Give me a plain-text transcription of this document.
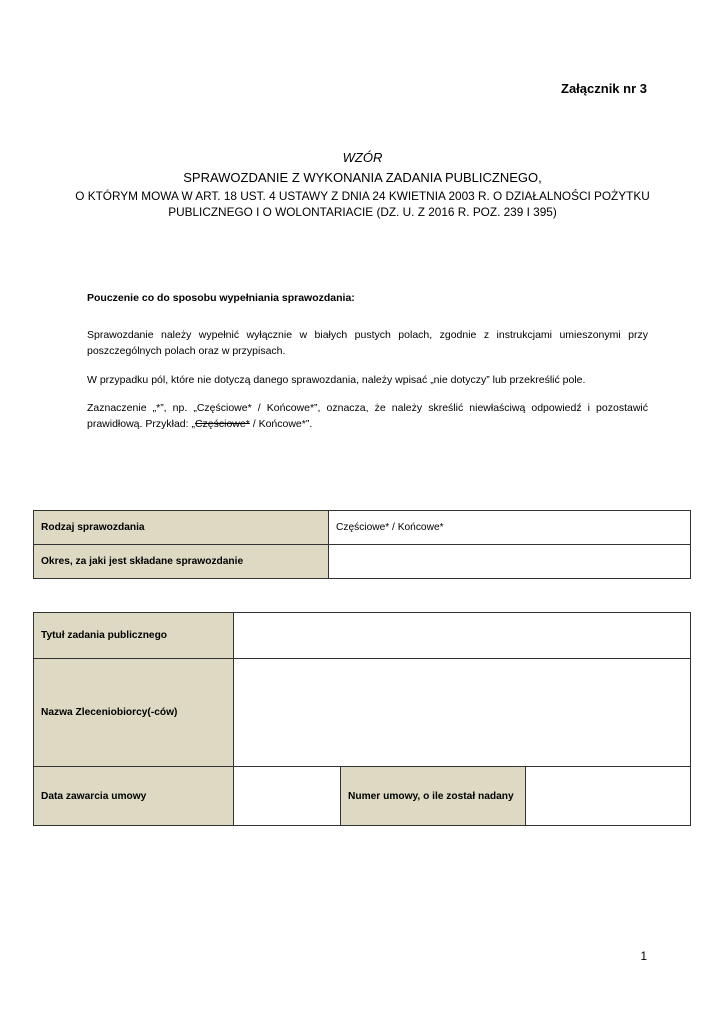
Załącznik nr 3
WZÓR
SPRAWOZDANIE Z WYKONANIA ZADANIA PUBLICZNEGO,
O KTÓRYM MOWA W ART. 18 UST. 4 USTAWY Z DNIA 24 KWIETNIA 2003 R. O DZIAŁALNOŚCI POŻYTKU PUBLICZNEGO I O WOLONTARIACIE (DZ. U. Z 2016 R. POZ. 239 I 395)
Pouczenie co do sposobu wypełniania sprawozdania:
Sprawozdanie należy wypełnić wyłącznie w białych pustych polach, zgodnie z instrukcjami umieszonymi przy poszczególnych polach oraz w przypisach.
W przypadku pól, które nie dotyczą danego sprawozdania, należy wpisać „nie dotyczy” lub przekreślić pole.
Zaznaczenie „*”, np. „Częściowe* / Końcowe*”, oznacza, że należy skreślić niewłaściwą odpowiedź i pozostawić prawidłową. Przykład: „Częściowe* / Końcowe*”.
Rodzaj sprawozdania	Częściowe* / Końcowe*
Okres, za jaki jest składane sprawozdanie	
Tytuł zadania publicznego			
Nazwa Zleceniobiorcy(-ców)			
Data zawarcia umowy		Numer umowy, o ile został nadany	
1
